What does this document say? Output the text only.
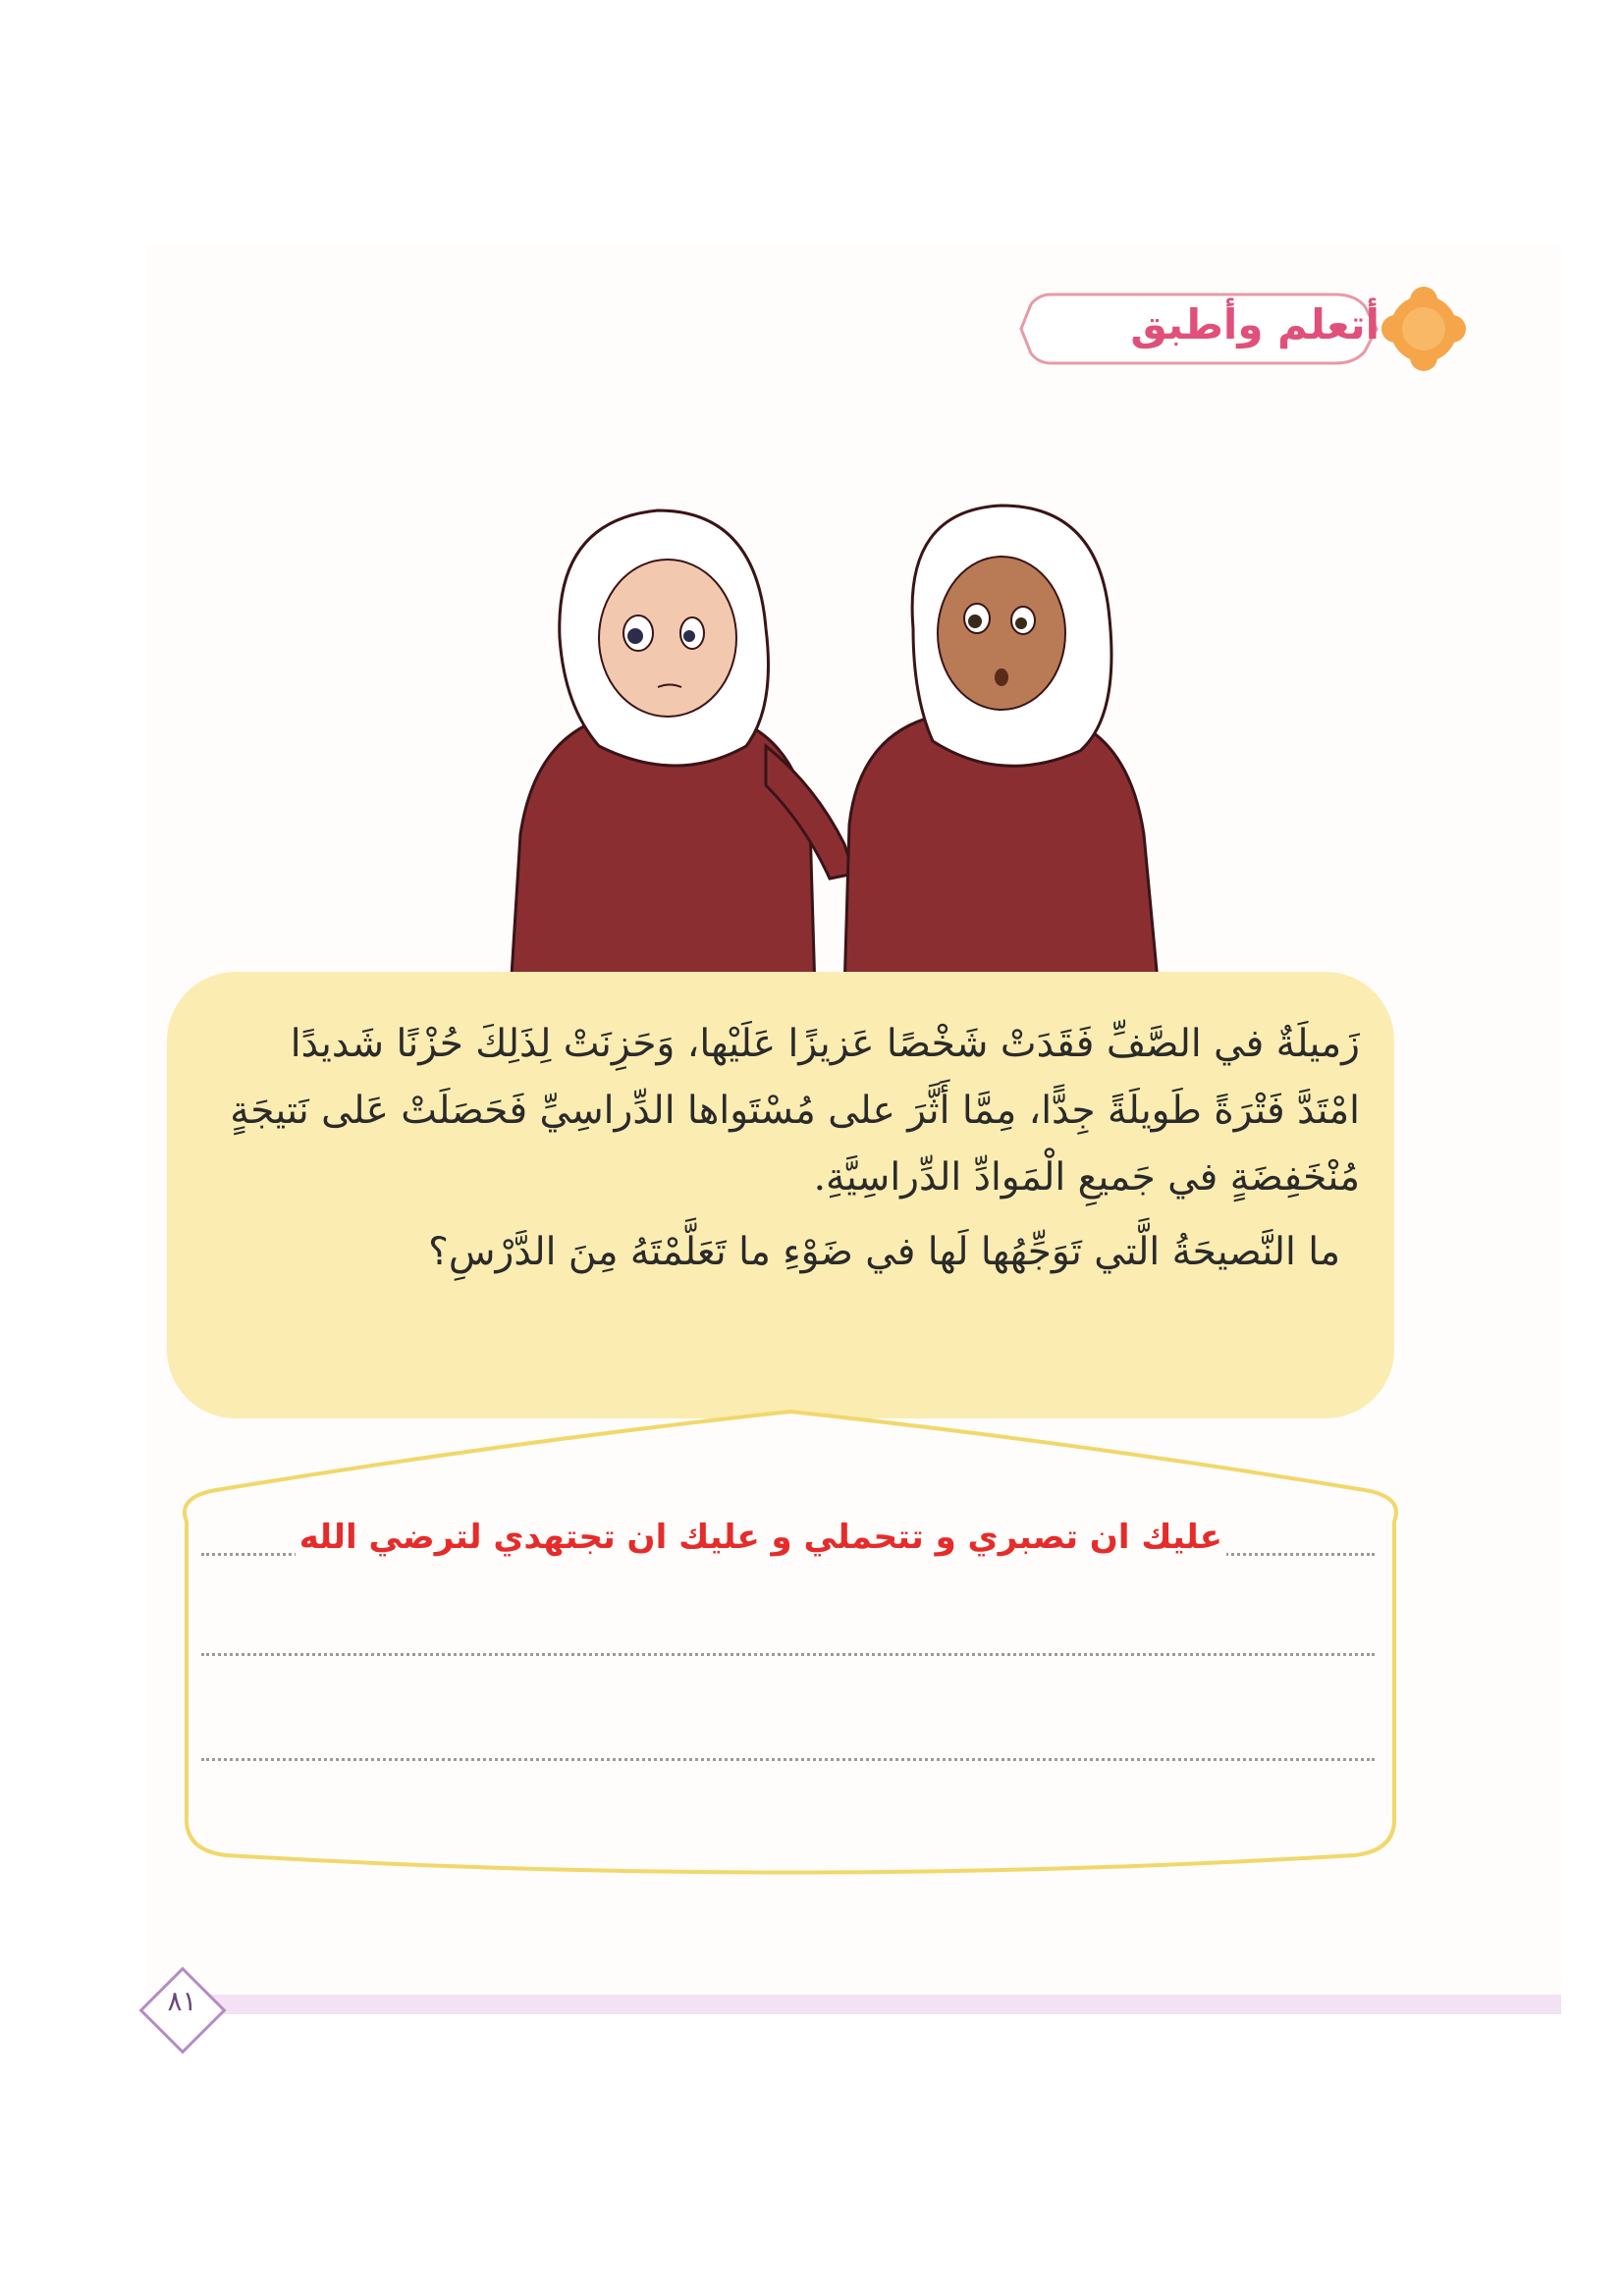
أتعلم وأطبق
زَميلَةٌ في الصَّفِّ فَقَدَتْ شَخْصًا عَزيزًا عَلَيْها، وَحَزِنَتْ لِذَلِكَ حُزْنًا شَديدًا
امْتَدَّ فَتْرَةً طَويلَةً جِدًّا، مِمَّا أَثَّرَ على مُسْتَواها الدِّراسِيِّ فَحَصَلَتْ عَلى نَتيجَةٍ
مُنْخَفِضَةٍ في جَميعِ الْمَوادِّ الدِّراسِيَّةِ.
ما النَّصيحَةُ الَّتي تَوَجِّهُها لَها في ضَوْءِ ما تَعَلَّمْتَهُ مِنَ الدَّرْسِ؟
عليك ان تصبري و تتحملي و عليك ان تجتهدي لترضي الله
٨١
